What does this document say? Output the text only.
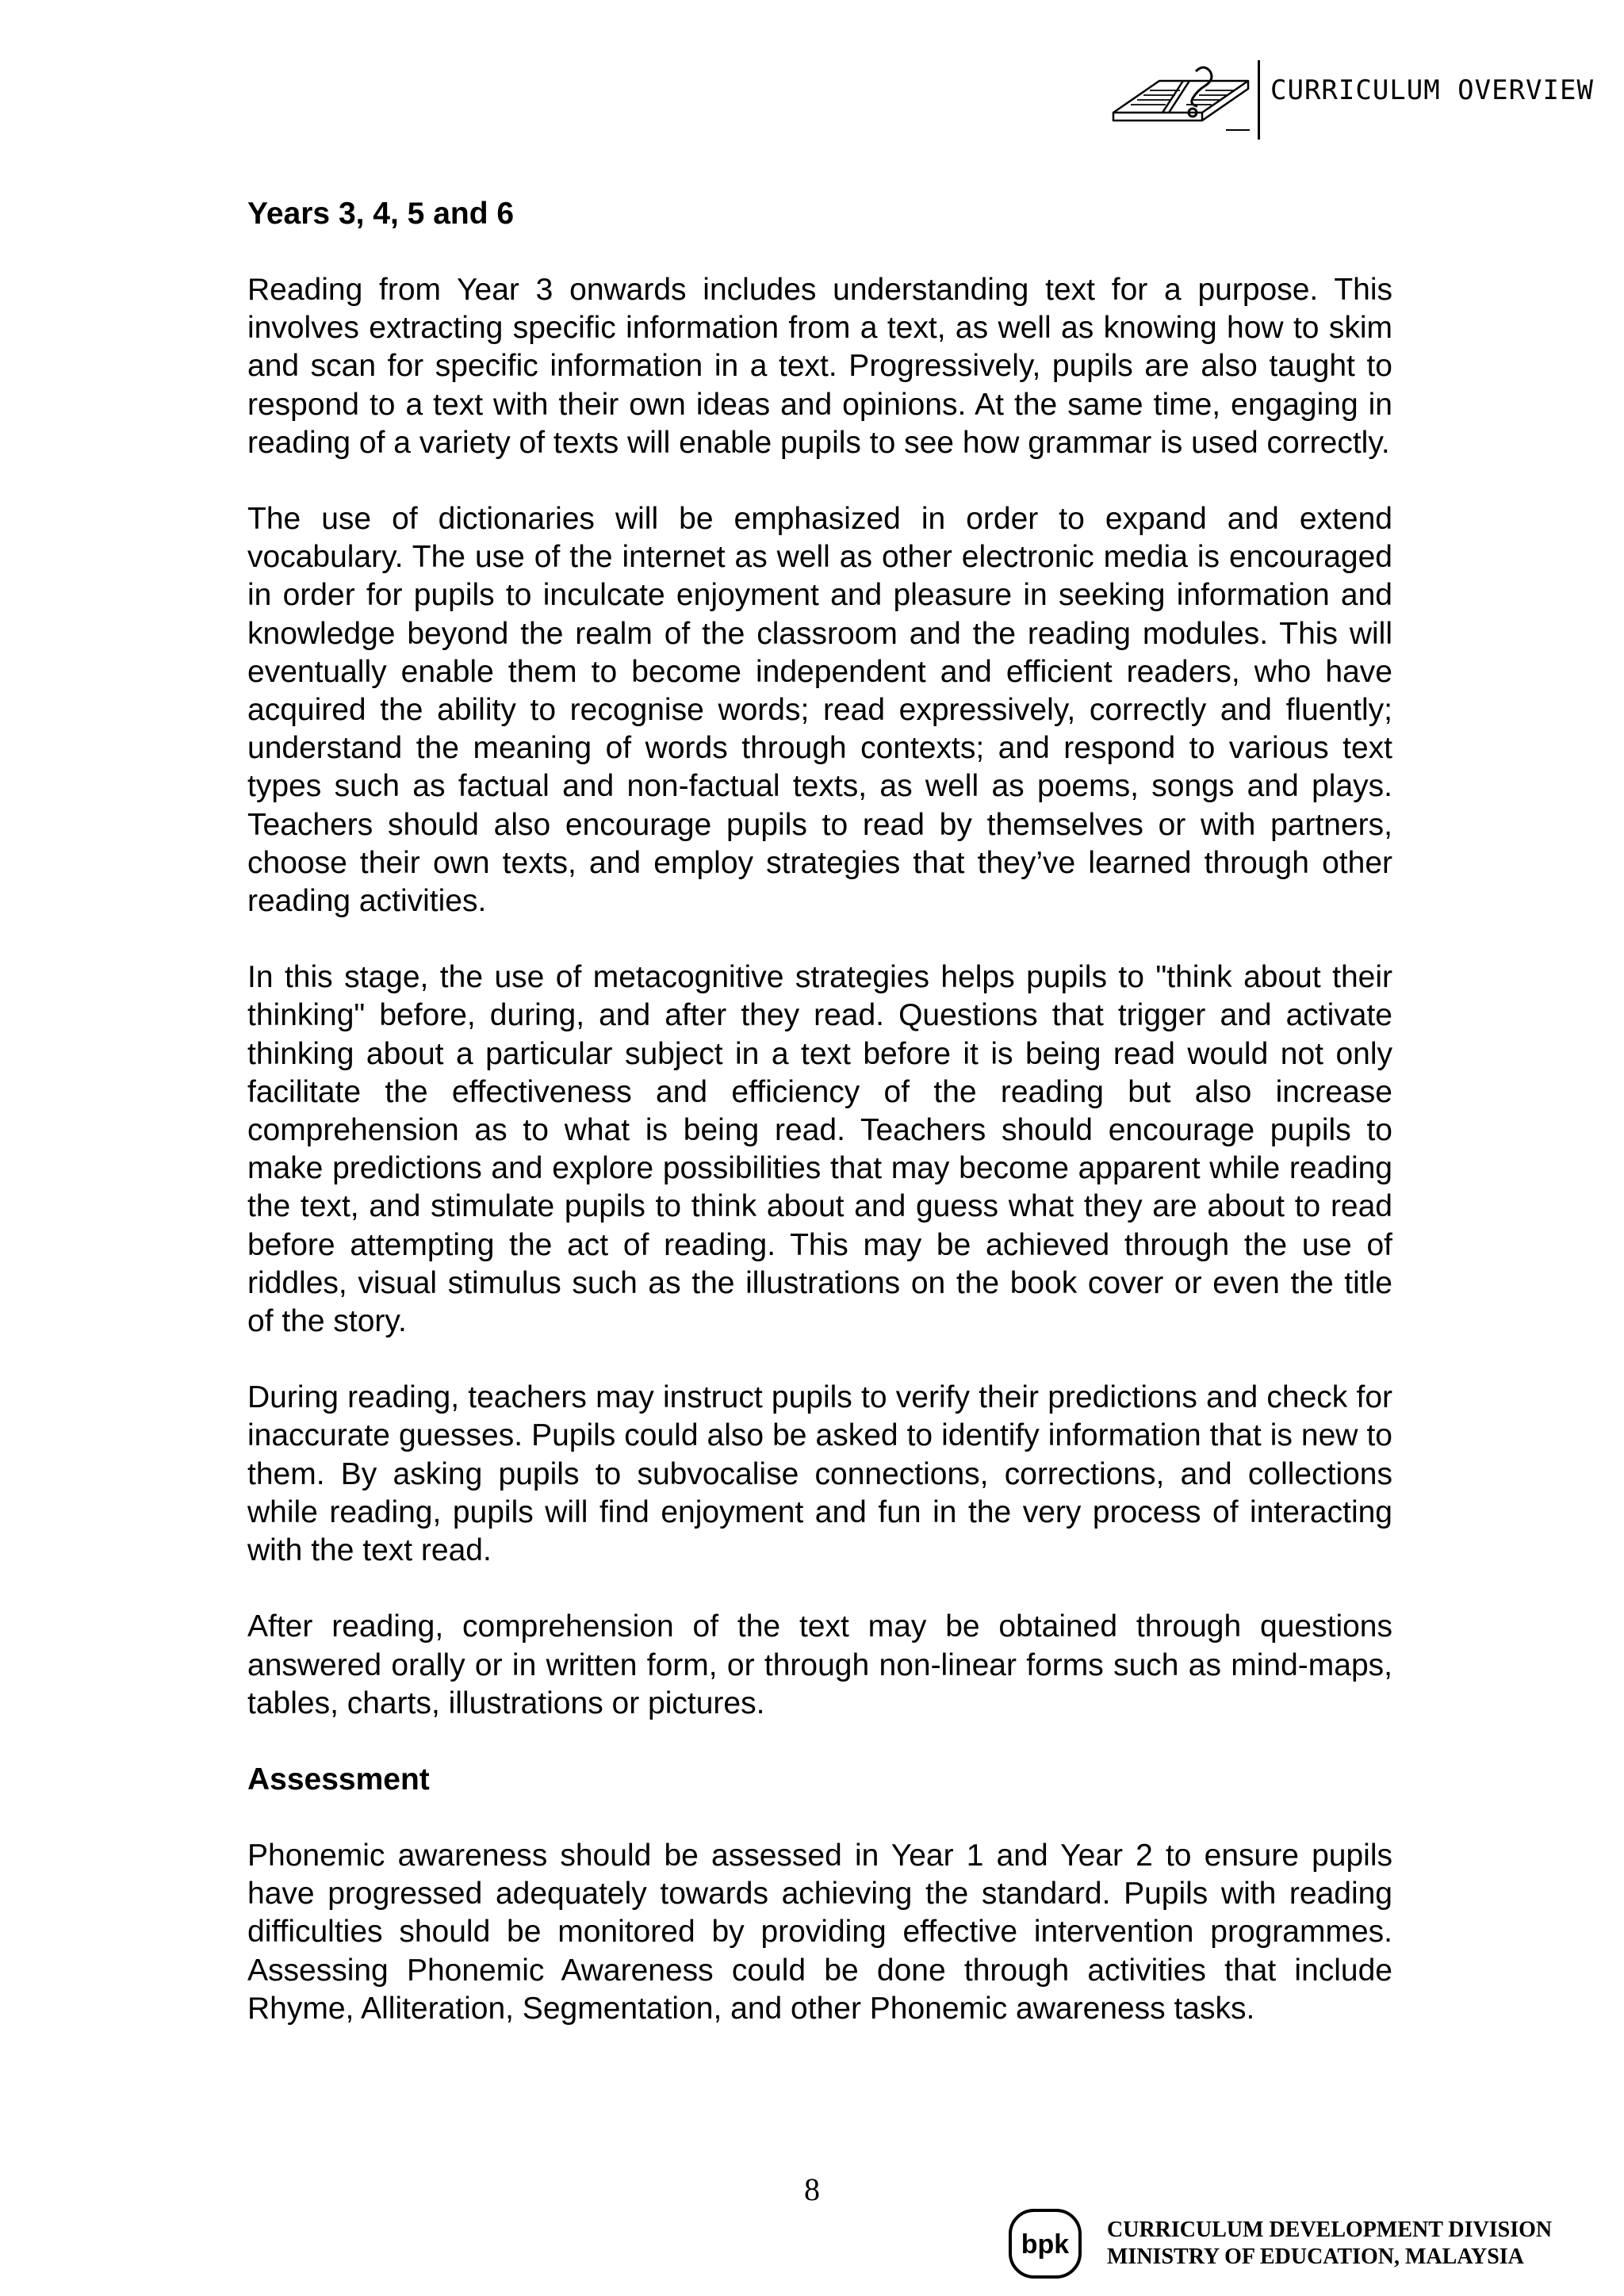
CURRICULUM OVERVIEW
Years 3, 4, 5 and 6

Reading from Year 3 onwards includes understanding text for a purpose. This involves extracting specific information from a text, as well as knowing how to skim and scan for specific information in a text. Progressively, pupils are also taught to respond to a text with their own ideas and opinions. At the same time, engaging in reading of a variety of texts will enable pupils to see how grammar is used correctly.

The use of dictionaries will be emphasized in order to expand and extend vocabulary. The use of the internet as well as other electronic media is encouraged in order for pupils to inculcate enjoyment and pleasure in seeking information and knowledge beyond the realm of the classroom and the reading modules. This will eventually enable them to become independent and efficient readers, who have acquired the ability to recognise words; read expressively, correctly and fluently; understand the meaning of words through contexts; and respond to various text types such as factual and non-factual texts, as well as poems, songs and plays. Teachers should also encourage pupils to read by themselves or with partners, choose their own texts, and employ strategies that they’ve learned through other reading activities.

In this stage, the use of metacognitive strategies helps pupils to "think about their thinking" before, during, and after they read. Questions that trigger and activate thinking about a particular subject in a text before it is being read would not only facilitate the effectiveness and efficiency of the reading but also increase comprehension as to what is being read. Teachers should encourage pupils to make predictions and explore possibilities that may become apparent while reading the text, and stimulate pupils to think about and guess what they are about to read before attempting the act of reading. This may be achieved through the use of riddles, visual stimulus such as the illustrations on the book cover or even the title of the story.

During reading, teachers may instruct pupils to verify their predictions and check for inaccurate guesses. Pupils could also be asked to identify information that is new to them. By asking pupils to subvocalise connections, corrections, and collections while reading, pupils will find enjoyment and fun in the very process of interacting with the text read.

After reading, comprehension of the text may be obtained through questions answered orally or in written form, or through non-linear forms such as mind-maps, tables, charts, illustrations or pictures.

Assessment

Phonemic awareness should be assessed in Year 1 and Year 2 to ensure pupils have progressed adequately towards achieving the standard. Pupils with reading difficulties should be monitored by providing effective intervention programmes. Assessing Phonemic Awareness could be done through activities that include Rhyme, Alliteration, Segmentation, and other Phonemic awareness tasks.

8
bpk CURRICULUM DEVELOPMENT DIVISION
MINISTRY OF EDUCATION, MALAYSIA
